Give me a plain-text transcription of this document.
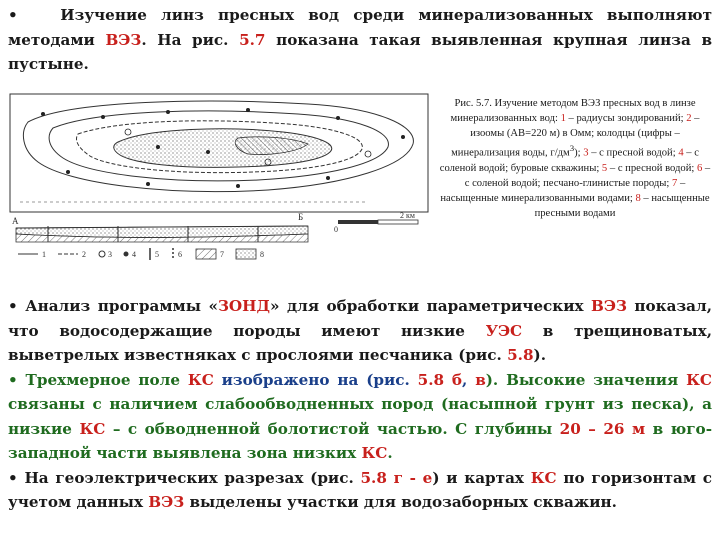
•	Изучение линз пресных вод среди минерализованных выполняют методами ВЭЗ. На рис. 5.7 показана такая выявленная крупная линза в пустыне.
А	Б
0
2 км
1	2	3	4 5 6	7	8
Рис. 5.7. Изучение методом ВЭЗ пресных вод в линзе минерализованных вод: 1 – радиусы зондирований; 2 – изоомы (АВ=220 м) в Омм; колодцы (цифры – минерализация воды, $г/дм^3$); 3 – с пресной водой; 4 – с соленой водой; буровые скважины; 5 – с пресной водой; 6 – с соленой водой; песчано-глинистые породы; 7 – насыщенные минерализованными водами; 8 – насыщенные пресными водами
• Анализ программы «ЗОНД» для обработки параметрических ВЭЗ показал, что водосодержащие породы имеют низкие УЭС в трещиноватых, выветрелых известняках с прослоями песчаника (рис. 5.8).
• Трехмерное поле КС изображено на (рис. 5.8 б, в). Высокие значения КС связаны с наличием слабообводненных пород (насыпной грунт из песка), а низкие КС – с обводненной болотистой частью. С глубины 20 – 26 м в юго-западной части выявлена зона низких КС.
• На геоэлектрических разрезах (рис. 5.8 г - е) и картах КС по горизонтам с учетом данных ВЭЗ выделены участки для водозаборных скважин.
